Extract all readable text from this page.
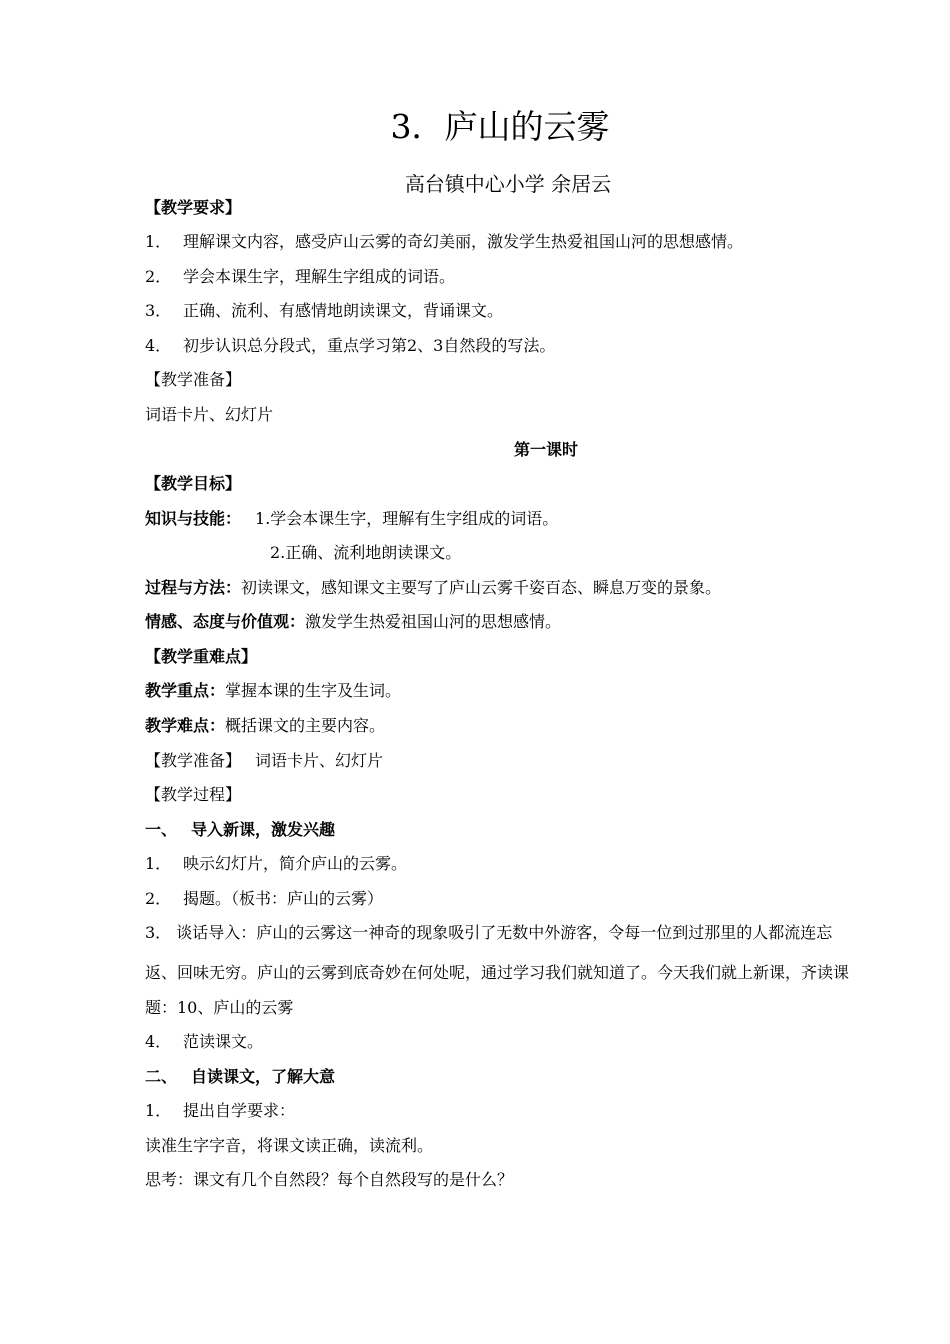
3．庐山的云雾
高台镇中心小学 余居云
【教学要求】
1． 理解课文内容，感受庐山云雾的奇幻美丽，激发学生热爱祖国山河的思想感情。
2． 学会本课生字，理解生字组成的词语。
3． 正确、流利、有感情地朗读课文，背诵课文。
4． 初步认识总分段式，重点学习第2、3自然段的写法。
【教学准备】
词语卡片、幻灯片
第一课时
【教学目标】
知识与技能： 1.学会本课生字，理解有生字组成的词语。
2.正确、流利地朗读课文。
过程与方法：初读课文，感知课文主要写了庐山云雾千姿百态、瞬息万变的景象。
情感、态度与价值观：激发学生热爱祖国山河的思想感情。
【教学重难点】
教学重点：掌握本课的生字及生词。
教学难点：概括课文的主要内容。
【教学准备】 词语卡片、幻灯片
【教学过程】
一、 导入新课，激发兴趣
1． 映示幻灯片，简介庐山的云雾。
2． 揭题。（板书：庐山的云雾）
3． 谈话导入：庐山的云雾这一神奇的现象吸引了无数中外游客，令每一位到过那里的人都流连忘
返、回味无穷。庐山的云雾到底奇妙在何处呢，通过学习我们就知道了。今天我们就上新课，齐读课
题：10、庐山的云雾
4． 范读课文。
二、 自读课文，了解大意
1． 提出自学要求：
读准生字字音，将课文读正确，读流利。
思考：课文有几个自然段？每个自然段写的是什么？
